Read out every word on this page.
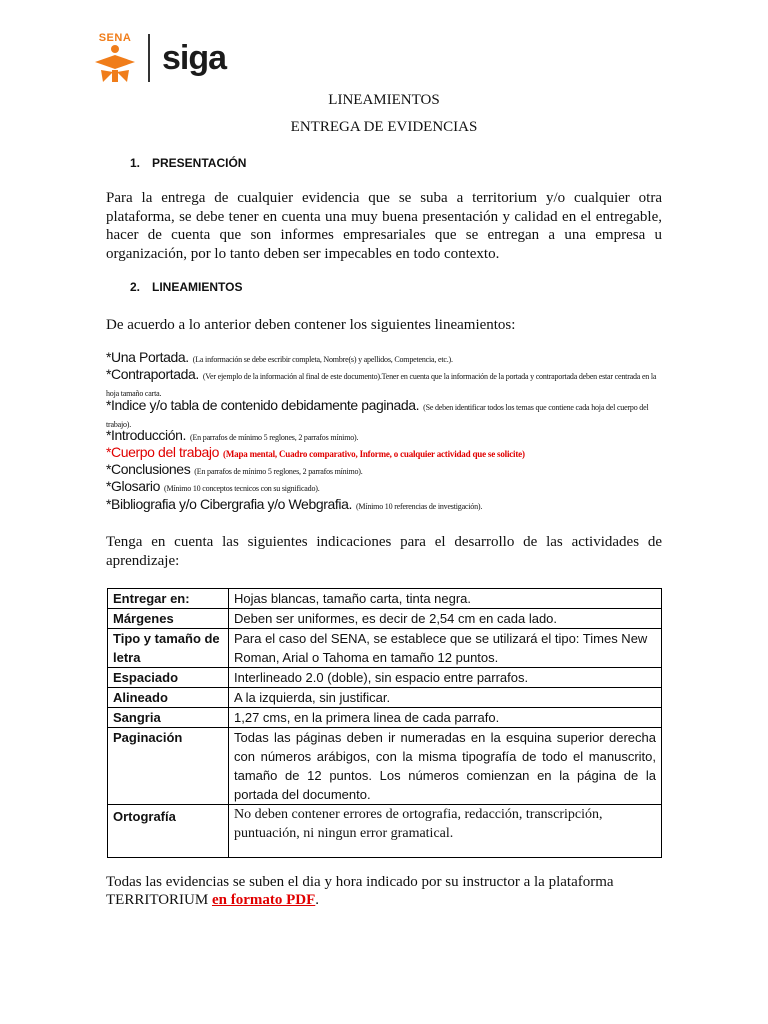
SENA
siga
LINEAMIENTOS
ENTREGA DE EVIDENCIAS
1. PRESENTACIÓN
Para la entrega de cualquier evidencia que se suba a territorium y/o cualquier otra plataforma, se debe tener en cuenta una muy buena presentación y calidad en el entregable, hacer de cuenta que son informes empresariales que se entregan a una empresa u organización, por lo tanto deben ser impecables en todo contexto.
2. LINEAMIENTOS
De acuerdo a lo anterior deben contener los siguientes lineamientos:
*Una Portada. (La información se debe escribir completa, Nombre(s) y apellidos, Competencia, etc.).
*Contraportada. (Ver ejemplo de la información al final de este documento).Tener en cuenta que la información de la portada y contraportada deben estar centrada en la hoja tamaño carta.
*Indice y/o tabla de contenido debidamente paginada. (Se deben identificar todos los temas que contiene cada hoja del cuerpo del trabajo).
*Introducción. (En parrafos de mínimo 5 reglones, 2 parrafos mínimo).
*Cuerpo del trabajo (Mapa mental, Cuadro comparativo, Informe, o cualquier actividad que se solicite)
*Conclusiones (En parrafos de mínimo 5 reglones, 2 parrafos mínimo).
*Glosario (Mínimo 10 conceptos tecnicos con su significado).
*Bibliografia y/o Cibergrafia y/o Webgrafia. (Mínimo 10 referencias de investigación).
Tenga en cuenta las siguientes indicaciones para el desarrollo de las actividades de aprendizaje:
Entregar en:	Hojas blancas, tamaño carta, tinta negra.
Márgenes	Deben ser uniformes, es decir de 2,54 cm en cada lado.
Tipo y tamaño de letra	Para el caso del SENA, se establece que se utilizará el tipo: Times New Roman, Arial o Tahoma en tamaño 12 puntos.
Espaciado	Interlineado 2.0 (doble), sin espacio entre parrafos.
Alineado	A la izquierda, sin justificar.
Sangria	1,27 cms, en la primera linea de cada parrafo.
Paginación	Todas las páginas deben ir numeradas en la esquina superior derecha con números arábigos, con la misma tipografía de todo el manuscrito, tamaño de 12 puntos. Los números comienzan en la página de la portada del documento.
Ortografía	No deben contener errores de ortografia, redacción, transcripción, puntuación, ni ningun error gramatical.
Todas las evidencias se suben el dia y hora indicado por su instructor a la plataforma TERRITORIUM en formato PDF.
